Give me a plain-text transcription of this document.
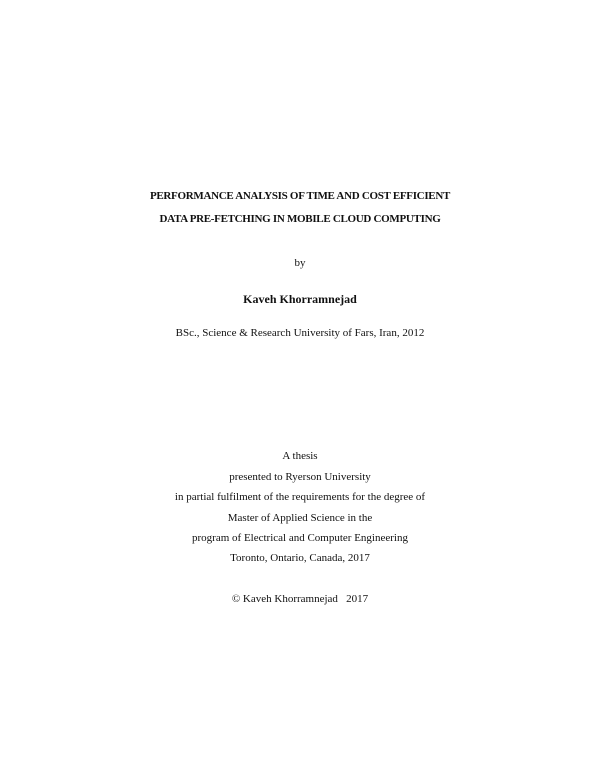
PERFORMANCE ANALYSIS OF TIME AND COST EFFICIENT
DATA PRE-FETCHING IN MOBILE CLOUD COMPUTING
by
Kaveh Khorramnejad
BSc., Science & Research University of Fars, Iran, 2012
A thesis
presented to Ryerson University
in partial fulfilment of the requirements for the degree of
Master of Applied Science in the
program of Electrical and Computer Engineering
Toronto, Ontario, Canada, 2017
© Kaveh Khorramnejad   2017
